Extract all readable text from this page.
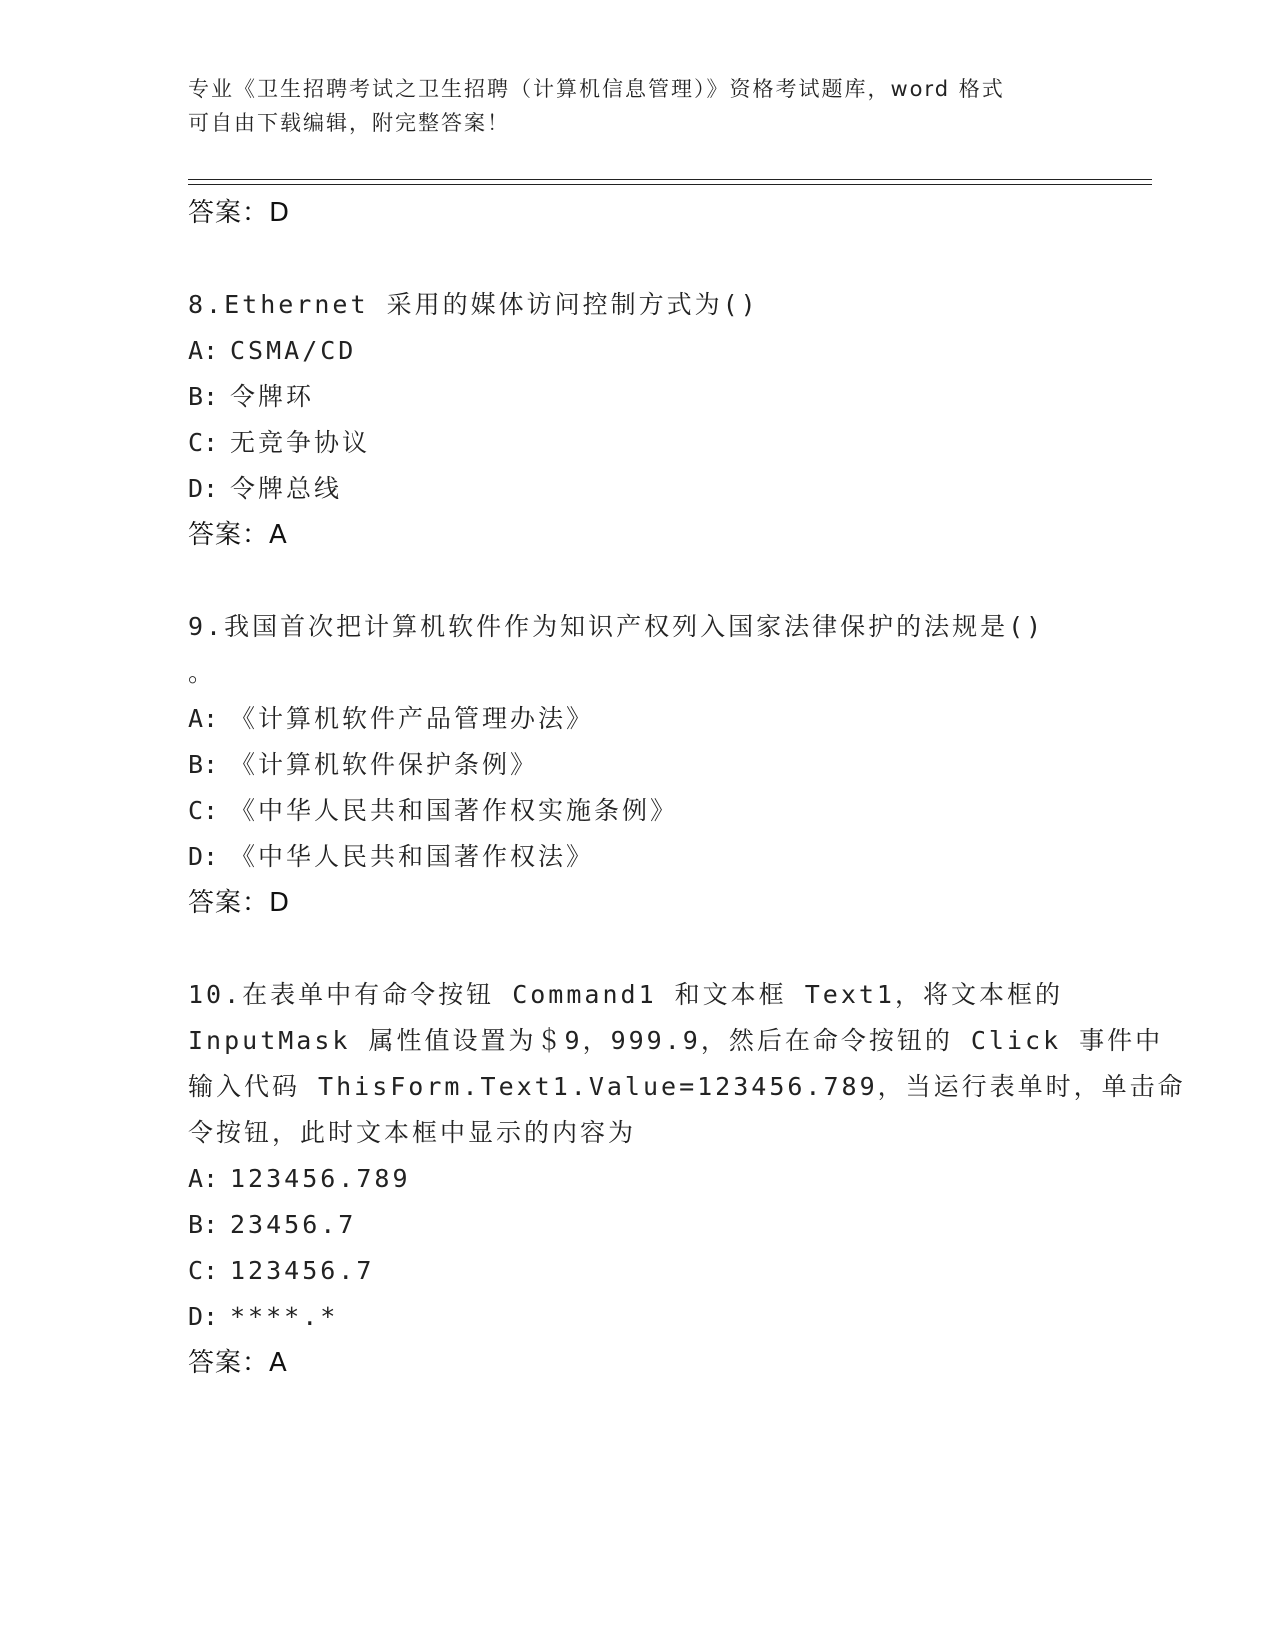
专业《卫生招聘考试之卫生招聘（计算机信息管理）》资格考试题库，word 格式
可自由下载编辑，附完整答案！
答案：D
8.Ethernet 采用的媒体访问控制方式为()
A: CSMA/CD
B: 令牌环
C: 无竞争协议
D: 令牌总线
答案：A
9.我国首次把计算机软件作为知识产权列入国家法律保护的法规是()
。
A: 《计算机软件产品管理办法》
B: 《计算机软件保护条例》
C: 《中华人民共和国著作权实施条例》
D: 《中华人民共和国著作权法》
答案：D
10.在表单中有命令按钮 Command1 和文本框 Text1，将文本框的
InputMask 属性值设置为＄9，999.9，然后在命令按钮的 Click 事件中
输入代码 ThisForm.Text1.Value=123456.789，当运行表单时，单击命
令按钮，此时文本框中显示的内容为
A: 123456.789
B: 23456.7
C: 123456.7
D: ****.*
答案：A
